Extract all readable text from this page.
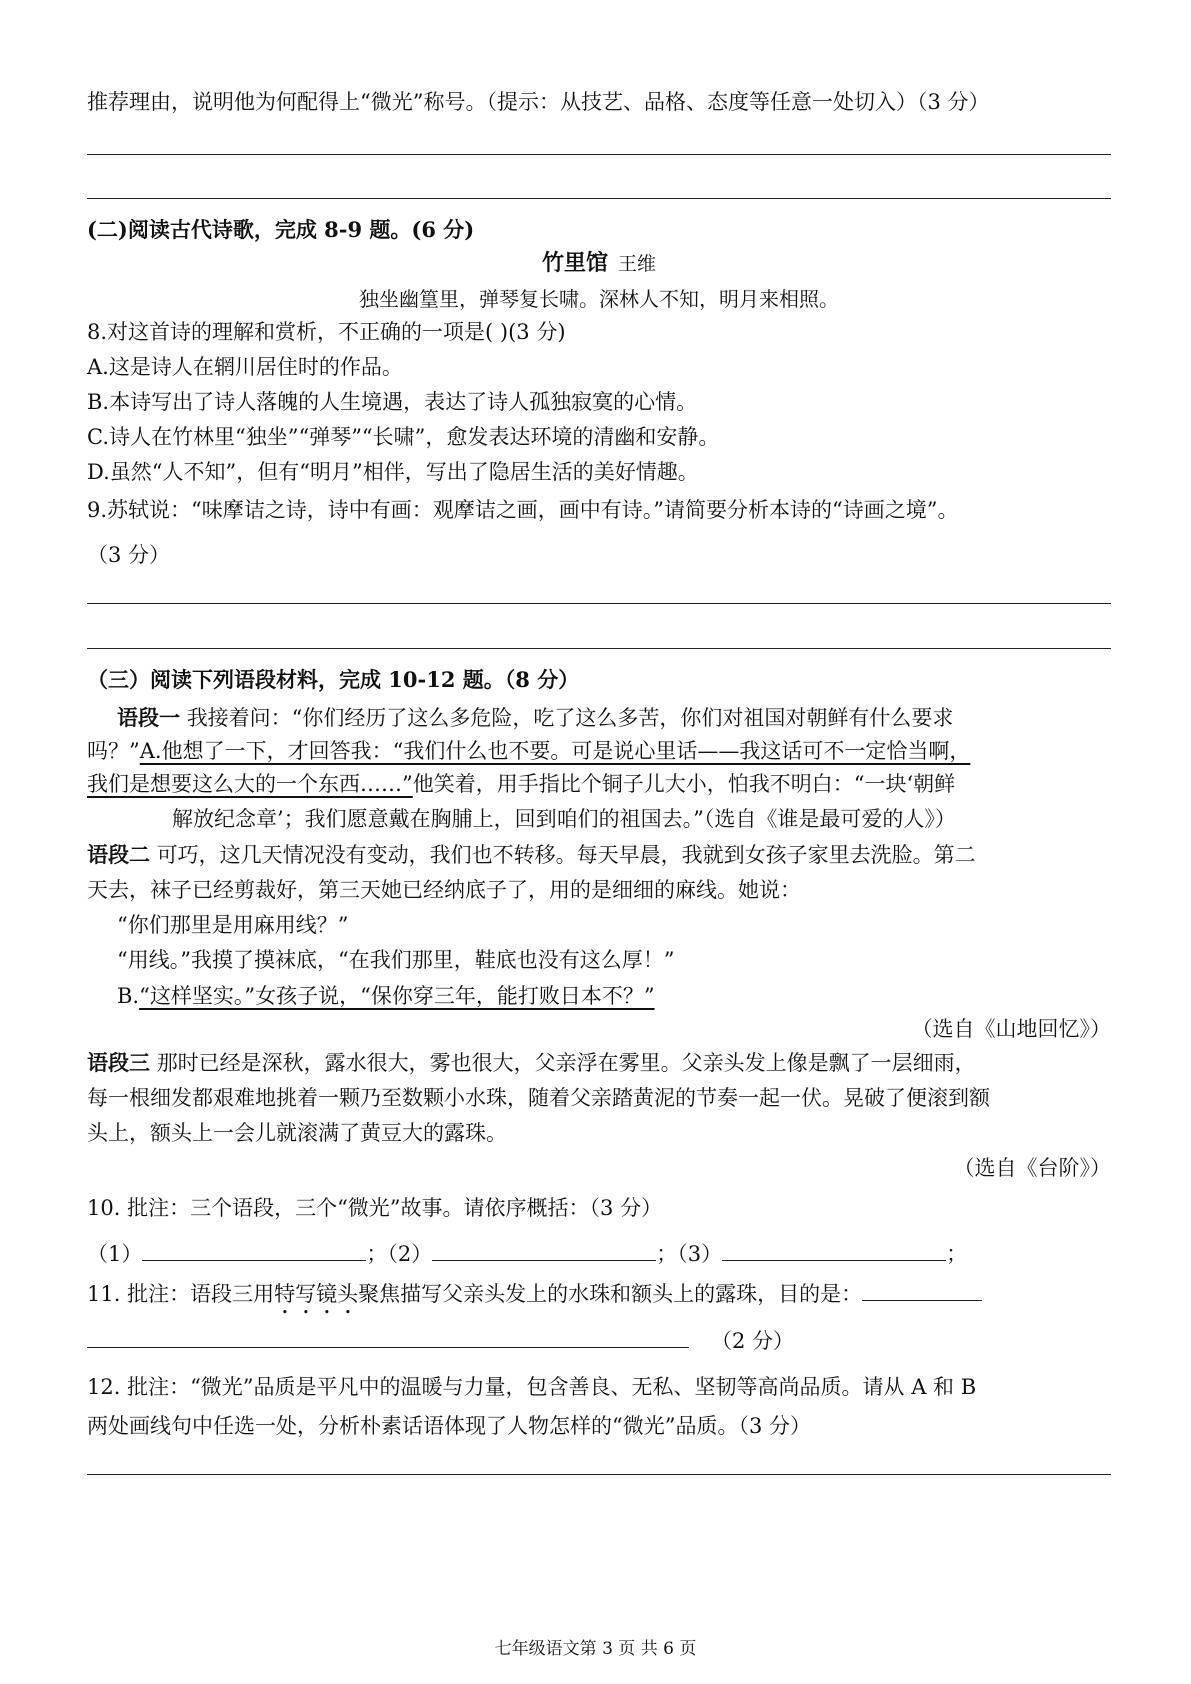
推荐理由，说明他为何配得上“微光”称号。（提示：从技艺、品格、态度等任意一处切入）（3 分）
(二)阅读古代诗歌，完成 8-9 题。(6 分)
竹里馆 王维
独坐幽篁里，弹琴复长啸。深林人不知，明月来相照。
8.对这首诗的理解和赏析，不正确的一项是( )(3 分)
A.这是诗人在辋川居住时的作品。
B.本诗写出了诗人落魄的人生境遇，表达了诗人孤独寂寞的心情。
C.诗人在竹林里“独坐”“弹琴”“长啸”，愈发表达环境的清幽和安静。
D.虽然“人不知”，但有“明月”相伴，写出了隐居生活的美好情趣。
9.苏轼说：“味摩诘之诗，诗中有画：观摩诘之画，画中有诗。”请简要分析本诗的“诗画之境”。
（3 分）
（三）阅读下列语段材料，完成 10-12 题。（8 分）
语段一 我接着问：“你们经历了这么多危险，吃了这么多苦，你们对祖国对朝鲜有什么要求
吗？”A.他想了一下，才回答我：“我们什么也不要。可是说心里话——我这话可不一定恰当啊，
我们是想要这么大的一个东西……”他笑着，用手指比个铜子儿大小，怕我不明白：“一块‘朝鲜
解放纪念章’；我们愿意戴在胸脯上，回到咱们的祖国去。”（选自《谁是最可爱的人》）
语段二 可巧，这几天情况没有变动，我们也不转移。每天早晨，我就到女孩子家里去洗脸。第二
天去，袜子已经剪裁好，第三天她已经纳底子了，用的是细细的麻线。她说：
“你们那里是用麻用线？”
“用线。”我摸了摸袜底，“在我们那里，鞋底也没有这么厚！”
B.“这样坚实。”女孩子说，“保你穿三年，能打败日本不？”
（选自《山地回忆》）
语段三 那时已经是深秋，露水很大，雾也很大，父亲浮在雾里。父亲头发上像是飘了一层细雨，
每一根细发都艰难地挑着一颗乃至数颗小水珠，随着父亲踏黄泥的节奏一起一伏。晃破了便滚到额
头上，额头上一会儿就滚满了黄豆大的露珠。
（选自《台阶》）
10. 批注：三个语段，三个“微光”故事。请依序概括：（3 分）
（1）	；（2）	；（3）	；
11. 批注：语段三用特写镜头聚焦描写父亲头发上的水珠和额头上的露珠，目的是：
（2 分）
12. 批注：“微光”品质是平凡中的温暖与力量，包含善良、无私、坚韧等高尚品质。请从 A 和 B
两处画线句中任选一处，分析朴素话语体现了人物怎样的“微光”品质。（3 分）
七年级语文第 3 页 共 6 页
